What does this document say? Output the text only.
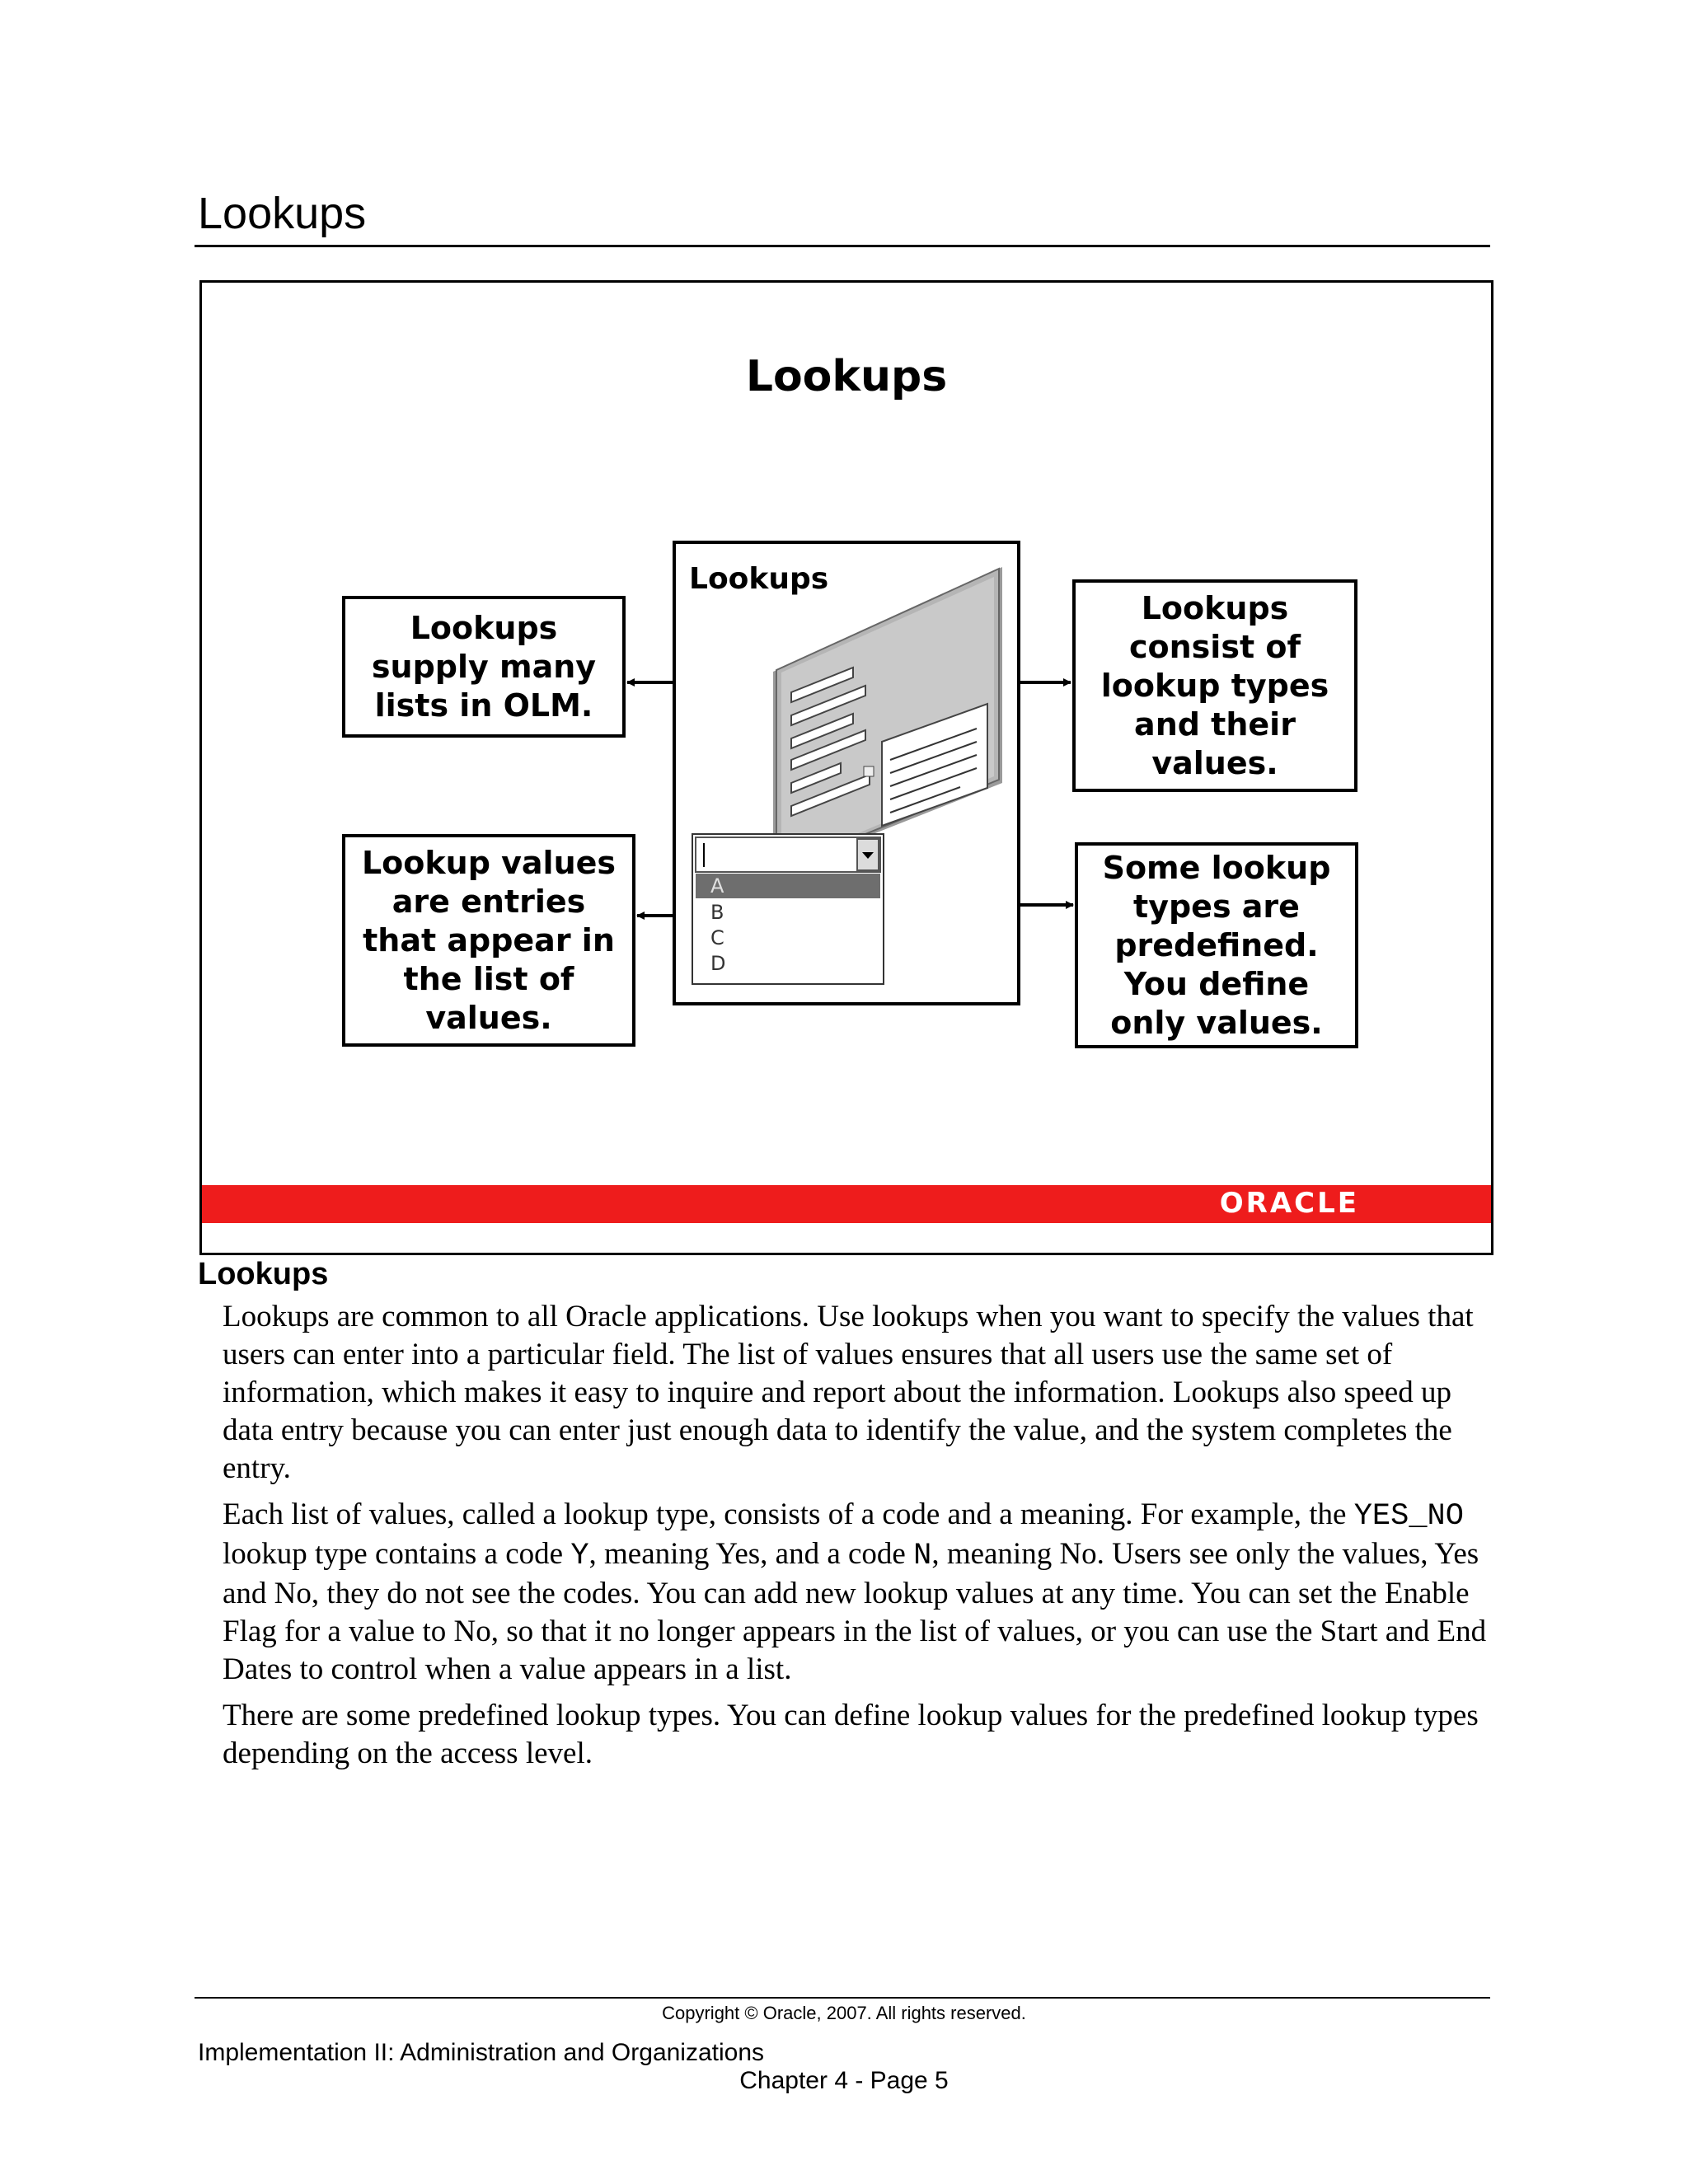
Lookups
Lookups
Lookups supply many lists in OLM.
Lookup values are entries that appear in the list of values.
Lookups consist of lookup types and their values.
Some lookup types are predefined. You define only values.
Lookups
A
B
C
D
ORACLE
Lookups

Lookups are common to all Oracle applications. Use lookups when you want to specify the values that users can enter into a particular field. The list of values ensures that all users use the same set of information, which makes it easy to inquire and report about the information. Lookups also speed up data entry because you can enter just enough data to identify the value, and the system completes the entry.

Each list of values, called a lookup type, consists of a code and a meaning. For example, the YES_NO lookup type contains a code Y, meaning Yes, and a code N, meaning No. Users see only the values, Yes and No, they do not see the codes. You can add new lookup values at any time. You can set the Enable Flag for a value to No, so that it no longer appears in the list of values, or you can use the Start and End Dates to control when a value appears in a list.

There are some predefined lookup types. You can define lookup values for the predefined lookup types depending on the access level.

Copyright © Oracle, 2007. All rights reserved.
Implementation II: Administration and Organizations
Chapter 4 - Page 5
